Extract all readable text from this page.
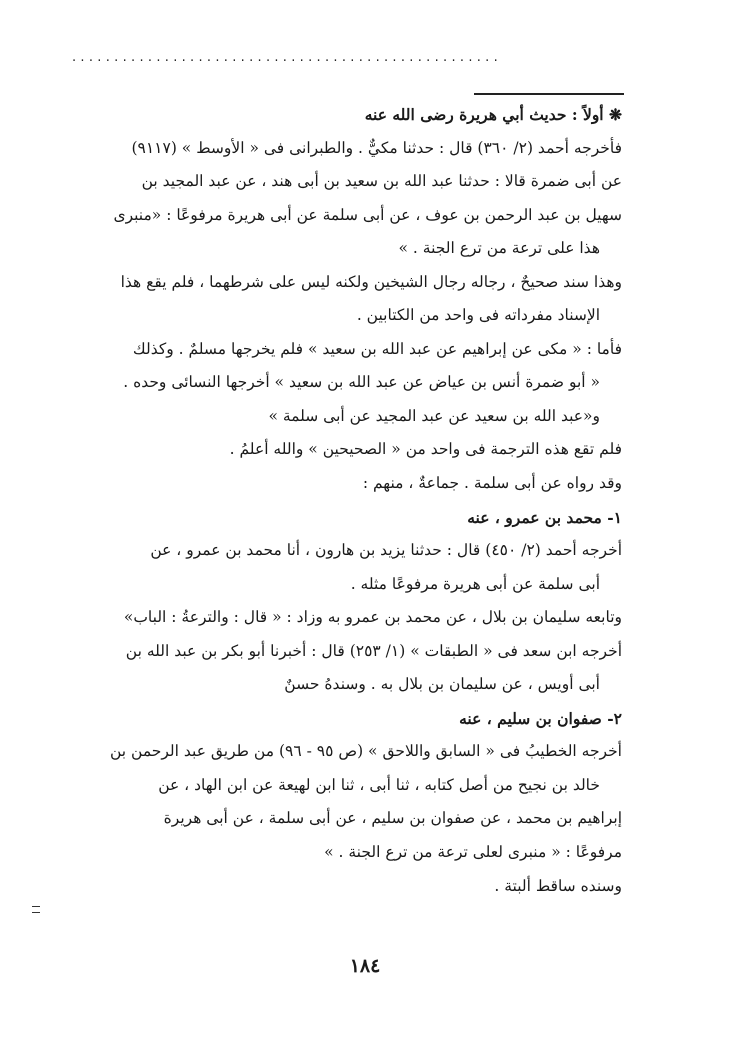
...................................................
❋ أولاً : حديث أبي هريرة رضى الله عنه
فأخرجه أحمد (٢/ ٣٦٠) قال : حدثنا مكيٌّ . والطبرانى فى « الأوسط » (٩١١٧)
عن أبى ضمرة قالا : حدثنا عبد الله بن سعيد بن أبى هند ، عن عبد المجيد بن
سهيل بن عبد الرحمن بن عوف ، عن أبى سلمة عن أبى هريرة مرفوعًا : «منبرى
هذا على ترعة من ترع الجنة . »
وهذا سند صحيحٌ ، رجاله رجال الشيخين ولكنه ليس على شرطهما ، فلم يقع هذا
الإسناد مفرداته فى واحد من الكتابين .
فأما : « مكى عن إبراهيم عن عبد الله بن سعيد » فلم يخرجها مسلمٌ . وكذلك
« أبو ضمرة أنس بن عياض عن عبد الله بن سعيد » أخرجها النسائى وحده .
و«عبد الله بن سعيد عن عبد المجيد عن أبى سلمة »
فلم تقع هذه الترجمة فى واحد من « الصحيحين » والله أعلمُ .
وقد رواه عن أبى سلمة . جماعةٌ ، منهم :
١- محمد بن عمرو ، عنه
أخرجه أحمد (٢/ ٤٥٠) قال : حدثنا يزيد بن هارون ، أنا محمد بن عمرو ، عن
أبى سلمة عن أبى هريرة مرفوعًا مثله .
وتابعه سليمان بن بلال ، عن محمد بن عمرو به وزاد : « قال : والترعةُ : الباب»
أخرجه ابن سعد فى « الطبقات » (١/ ٢٥٣) قال : أخبرنا أبو بكر بن عبد الله بن
أبى أويس ، عن سليمان بن بلال به . وسندهُ حسنٌ
٢- صفوان بن سليم ، عنه
أخرجه الخطيبُ فى « السابق واللاحق » (ص ٩٥ - ٩٦) من طريق عبد الرحمن بن
خالد بن نجيح من أصل كتابه ، ثنا أبى ، ثنا ابن لهيعة عن ابن الهاد ، عن
إبراهيم بن محمد ، عن صفوان بن سليم ، عن أبى سلمة ، عن أبى هريرة
مرفوعًا : « منبرى لعلى ترعة من ترع الجنة . »
وسنده ساقط ألبتة .
١٨٤
